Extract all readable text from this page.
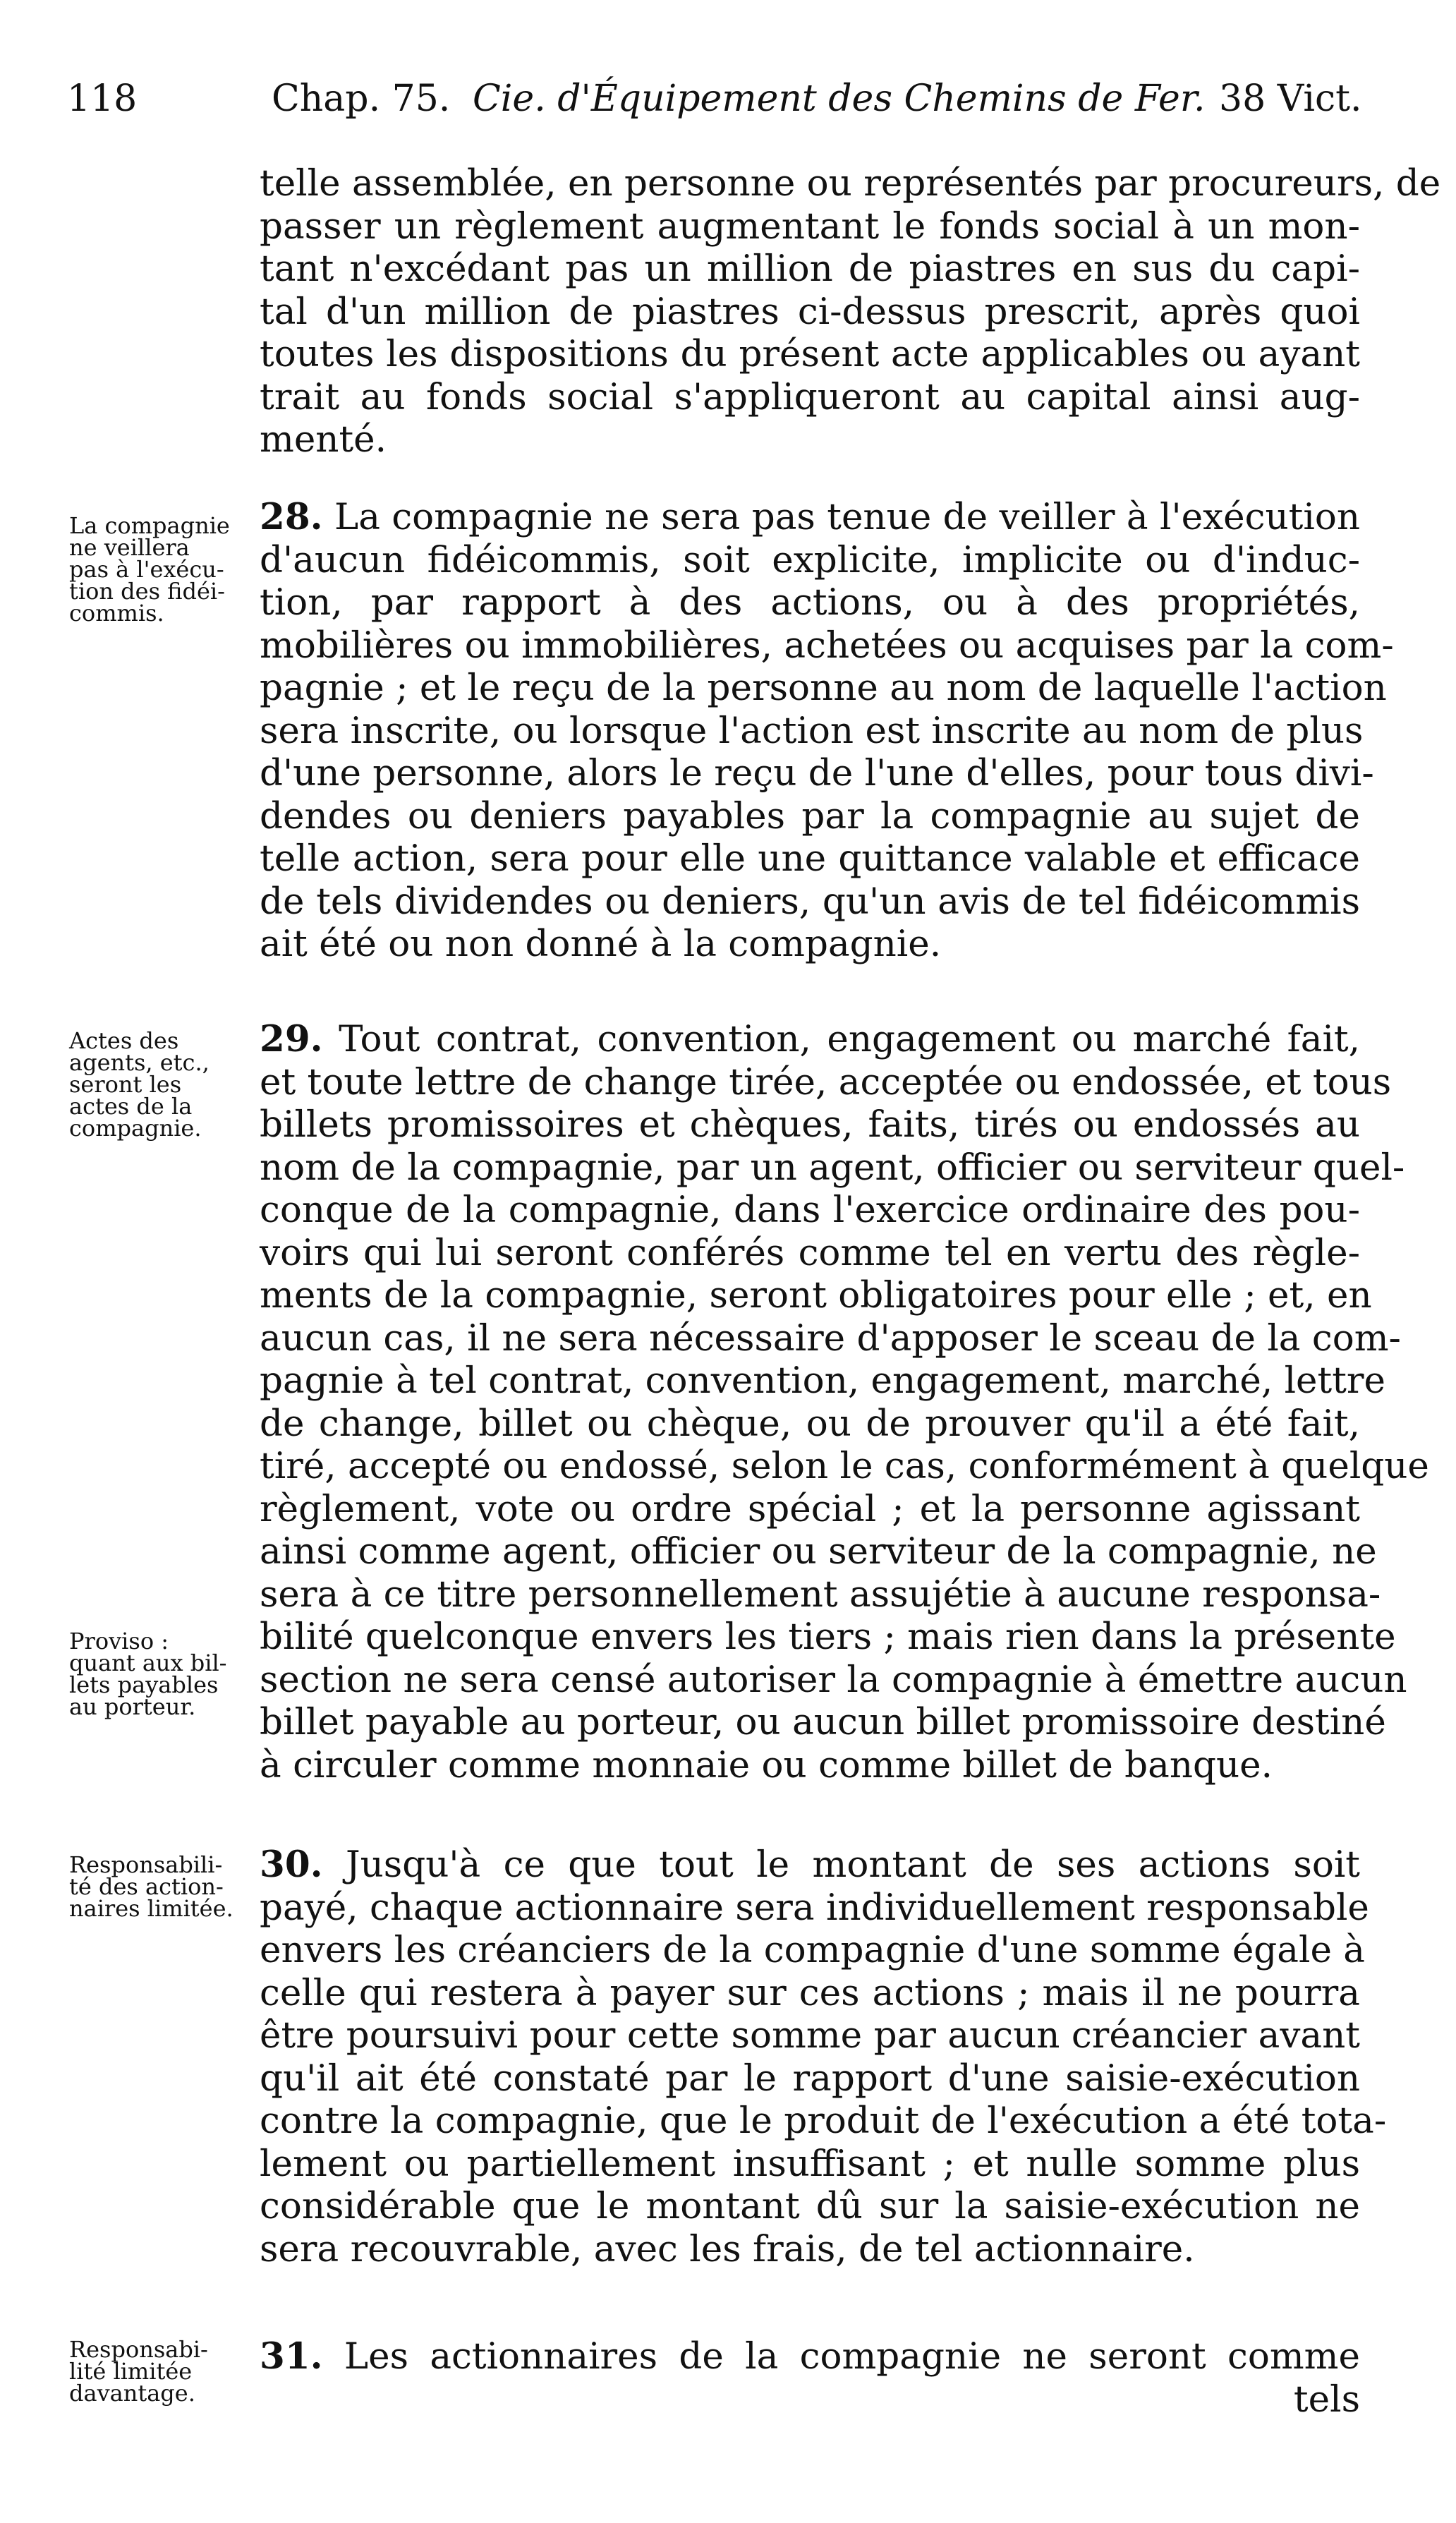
118	Chap. 75. Cie. d'Équipement des Chemins de Fer. 38 Vict.
telle assemblée, en personne ou représentés par procureurs, de
passer un règlement augmentant le fonds social à un mon-
tant n'excédant pas un million de piastres en sus du capi-
tal d'un million de piastres ci-dessus prescrit, après quoi
toutes les dispositions du présent acte applicables ou ayant
trait au fonds social s'appliqueront au capital ainsi aug-
menté.
La compagnie
ne veillera
pas à l'exécu-
tion des fidéi-
commis.
28. La compagnie ne sera pas tenue de veiller à l'exécution
d'aucun fidéicommis, soit explicite, implicite ou d'induc-
tion, par rapport à des actions, ou à des propriétés,
mobilières ou immobilières, achetées ou acquises par la com-
pagnie ; et le reçu de la personne au nom de laquelle l'action
sera inscrite, ou lorsque l'action est inscrite au nom de plus
d'une personne, alors le reçu de l'une d'elles, pour tous divi-
dendes ou deniers payables par la compagnie au sujet de
telle action, sera pour elle une quittance valable et efficace
de tels dividendes ou deniers, qu'un avis de tel fidéicommis
ait été ou non donné à la compagnie.
Actes des
agents, etc.,
seront les
actes de la
compagnie.
Proviso :
quant aux bil-
lets payables
au porteur.
29. Tout contrat, convention, engagement ou marché fait,
et toute lettre de change tirée, acceptée ou endossée, et tous
billets promissoires et chèques, faits, tirés ou endossés au
nom de la compagnie, par un agent, officier ou serviteur quel-
conque de la compagnie, dans l'exercice ordinaire des pou-
voirs qui lui seront conférés comme tel en vertu des règle-
ments de la compagnie, seront obligatoires pour elle ; et, en
aucun cas, il ne sera nécessaire d'apposer le sceau de la com-
pagnie à tel contrat, convention, engagement, marché, lettre
de change, billet ou chèque, ou de prouver qu'il a été fait,
tiré, accepté ou endossé, selon le cas, conformément à quelque
règlement, vote ou ordre spécial ; et la personne agissant
ainsi comme agent, officier ou serviteur de la compagnie, ne
sera à ce titre personnellement assujétie à aucune responsa-
bilité quelconque envers les tiers ; mais rien dans la présente
section ne sera censé autoriser la compagnie à émettre aucun
billet payable au porteur, ou aucun billet promissoire destiné
à circuler comme monnaie ou comme billet de banque.
Responsabili-
té des action-
naires limitée.
30. Jusqu'à ce que tout le montant de ses actions soit
payé, chaque actionnaire sera individuellement responsable
envers les créanciers de la compagnie d'une somme égale à
celle qui restera à payer sur ces actions ; mais il ne pourra
être poursuivi pour cette somme par aucun créancier avant
qu'il ait été constaté par le rapport d'une saisie-exécution
contre la compagnie, que le produit de l'exécution a été tota-
lement ou partiellement insuffisant ; et nulle somme plus
considérable que le montant dû sur la saisie-exécution ne
sera recouvrable, avec les frais, de tel actionnaire.
Responsabi-
lité limitée
davantage.
31. Les actionnaires de la compagnie ne seront comme
tels
